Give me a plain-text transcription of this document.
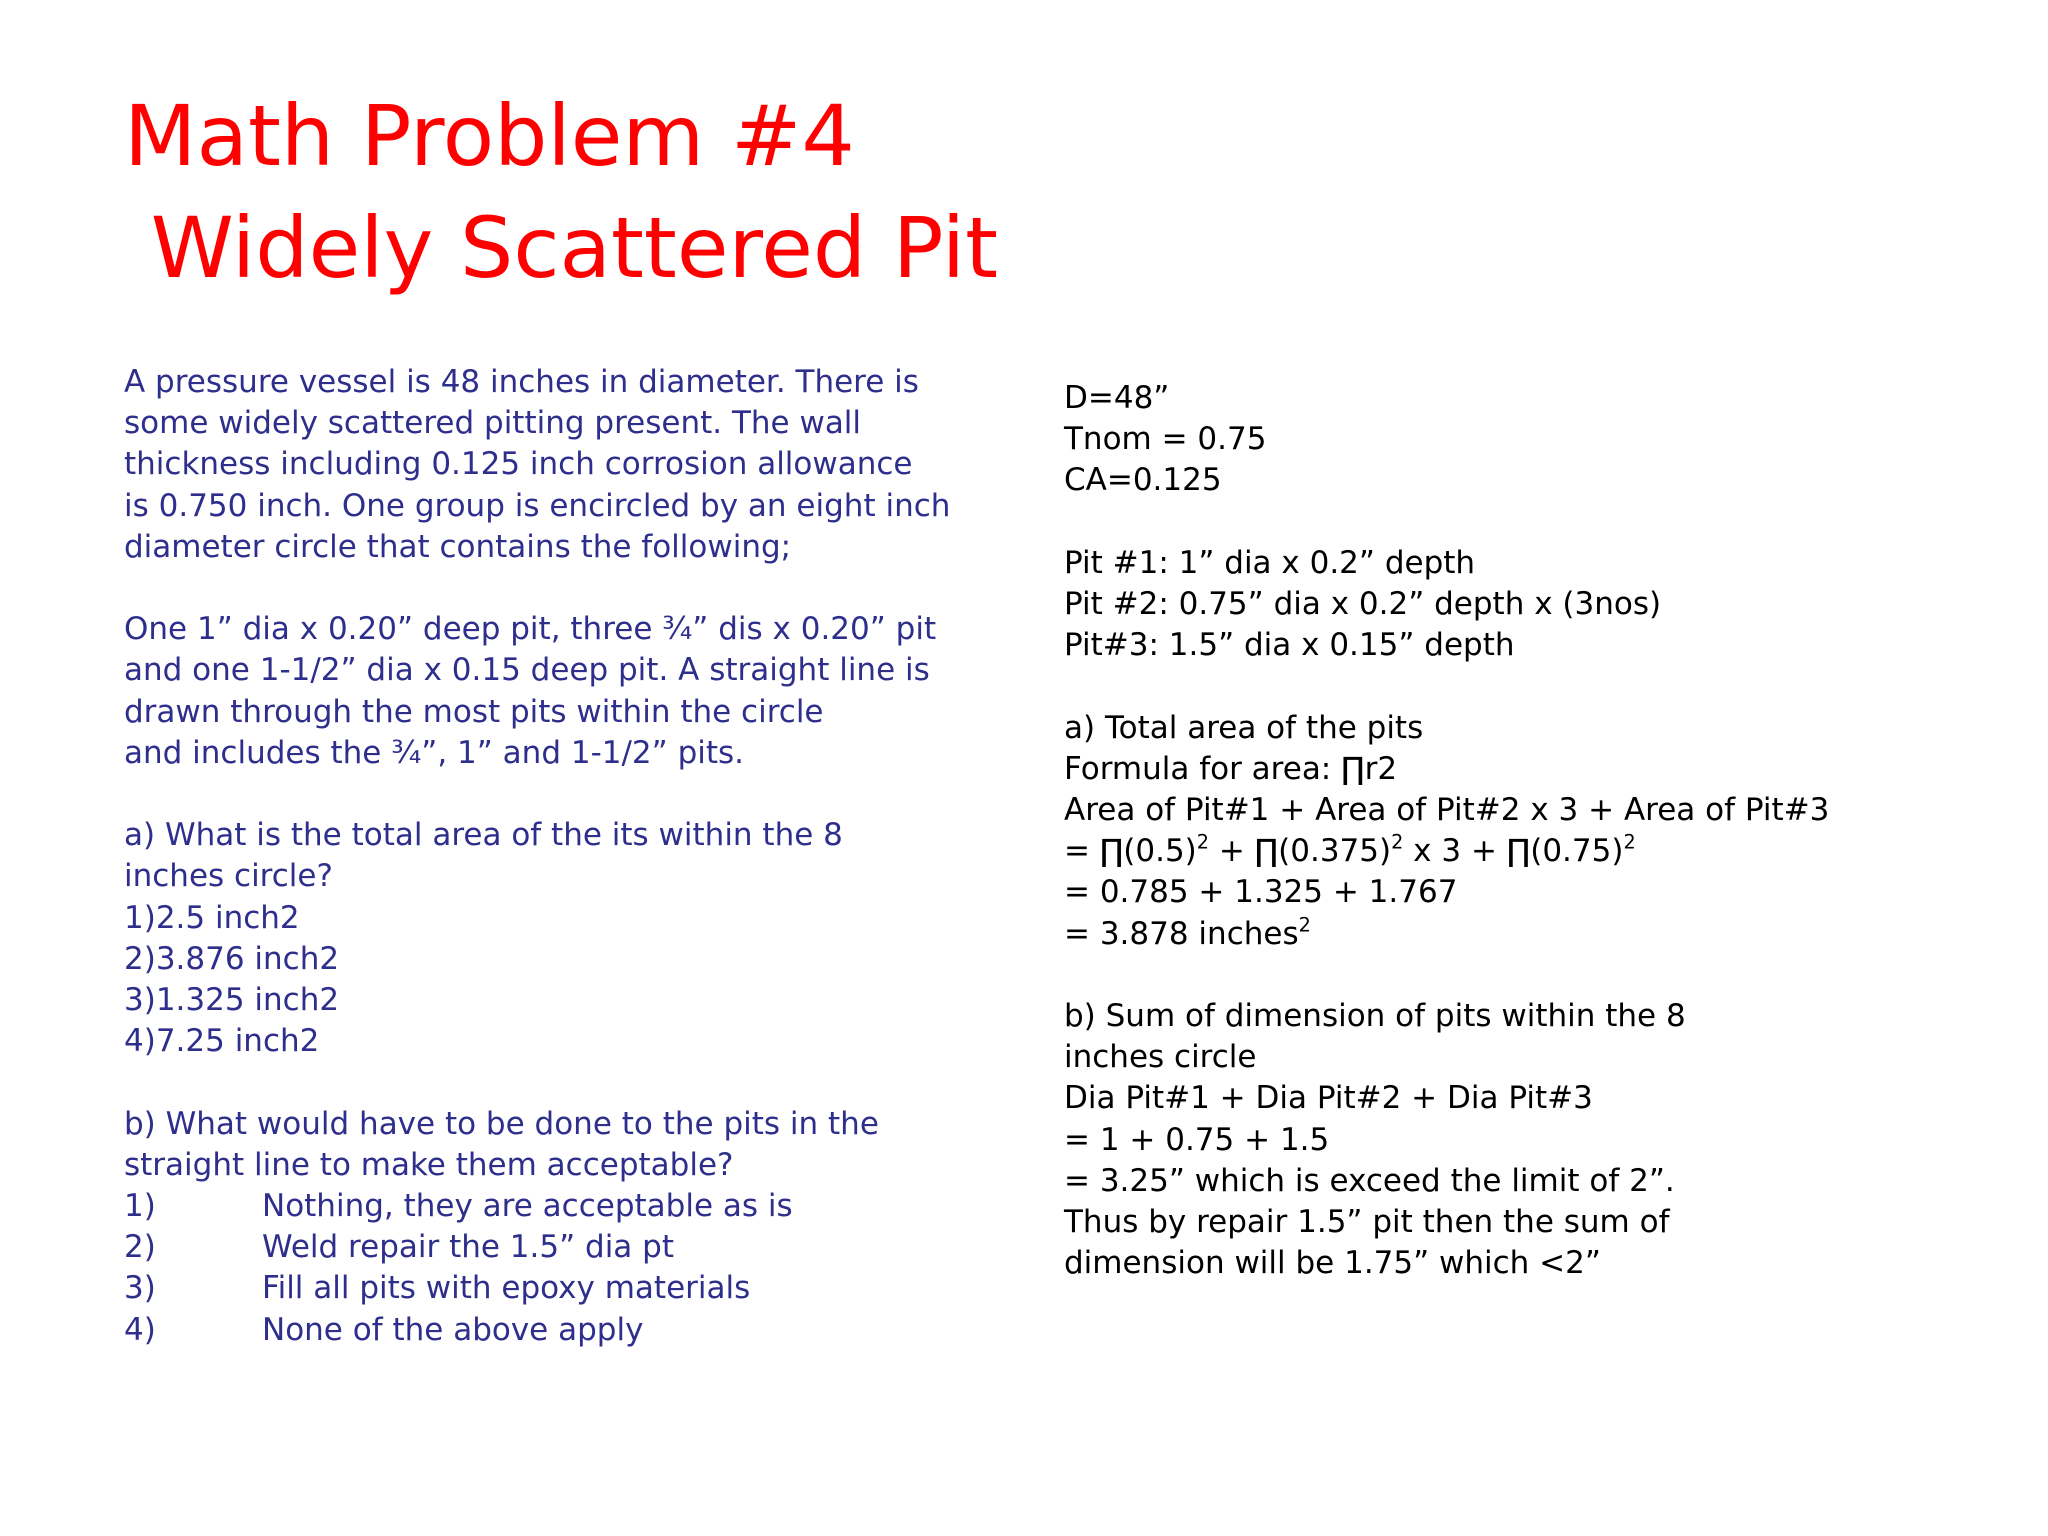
Math Problem #4
Widely Scattered Pit
A pressure vessel is 48 inches in diameter. There is
some widely scattered pitting present. The wall
thickness including 0.125 inch corrosion allowance
is 0.750 inch. One group is encircled by an eight inch
diameter circle that contains the following;
One 1” dia x 0.20” deep pit, three ¾” dis x 0.20” pit
and one 1-1/2” dia x 0.15 deep pit. A straight line is
drawn through the most pits within the circle
and includes the ¾”, 1” and 1-1/2” pits.
a) What is the total area of the its within the 8
inches circle?
1)2.5 inch2
2)3.876 inch2
3)1.325 inch2
4)7.25 inch2
b) What would have to be done to the pits in the
straight line to make them acceptable?
1)	Nothing, they are acceptable as is
2)	Weld repair the 1.5” dia pt
3)	Fill all pits with epoxy materials
4)	None of the above apply
D=48”
Tnom = 0.75
CA=0.125
Pit #1: 1” dia x 0.2” depth
Pit #2: 0.75” dia x 0.2” depth x (3nos)
Pit#3: 1.5” dia x 0.15” depth
a) Total area of the pits
Formula for area: ∏r2
Area of Pit#1 + Area of Pit#2 x 3 + Area of Pit#3
= $\prod(0.5)^2$ + $\prod(0.375)^2$ x $3 + \prod(0.75)^2$
= 0.785 + 1.325 + 1.767
= 3.878 inches$^2$
b) Sum of dimension of pits within the 8
inches circle
Dia Pit#1 + Dia Pit#2 + Dia Pit#3
= 1 + 0.75 + 1.5
= 3.25” which is exceed the limit of 2”.
Thus by repair 1.5” pit then the sum of
dimension will be 1.75” which <2”
